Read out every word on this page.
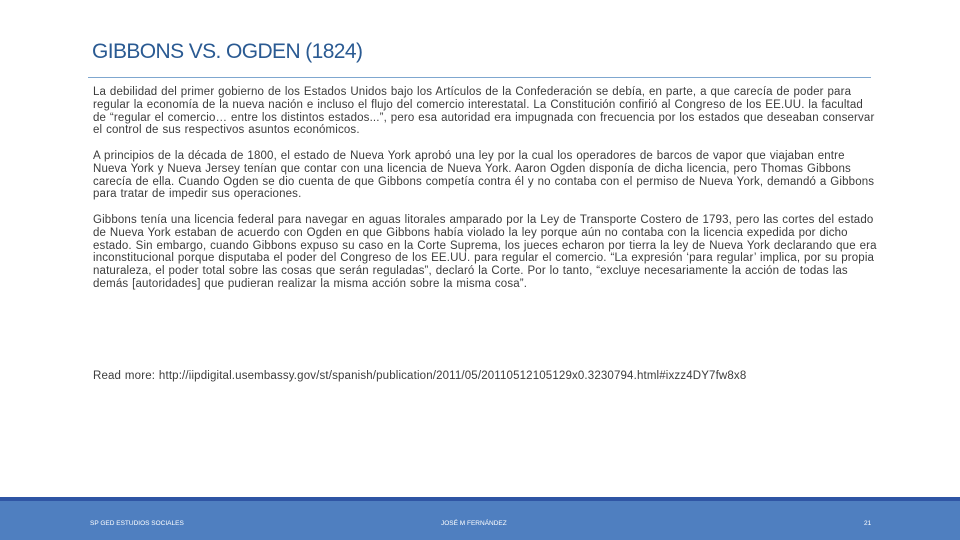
GIBBONS VS. OGDEN (1824)

La debilidad del primer gobierno de los Estados Unidos bajo los Artículos de la Confederación se debía, en parte, a que carecía de poder para regular la economía de la nueva nación e incluso el flujo del comercio interestatal. La Constitución confirió al Congreso de los EE.UU. la facultad de “regular el comercio… entre los distintos estados...”, pero esa autoridad era impugnada con frecuencia por los estados que deseaban conservar el control de sus respectivos asuntos económicos.

A principios de la década de 1800, el estado de Nueva York aprobó una ley por la cual los operadores de barcos de vapor que viajaban entre Nueva York y Nueva Jersey tenían que contar con una licencia de Nueva York. Aaron Ogden disponía de dicha licencia, pero Thomas Gibbons carecía de ella. Cuando Ogden se dio cuenta de que Gibbons competía contra él y no contaba con el permiso de Nueva York, demandó a Gibbons para tratar de impedir sus operaciones.

Gibbons tenía una licencia federal para navegar en aguas litorales amparado por la Ley de Transporte Costero de 1793, pero las cortes del estado de Nueva York estaban de acuerdo con Ogden en que Gibbons había violado la ley porque aún no contaba con la licencia expedida por dicho estado. Sin embargo, cuando Gibbons expuso su caso en la Corte Suprema, los jueces echaron por tierra la ley de Nueva York declarando que era inconstitucional porque disputaba el poder del Congreso de los EE.UU. para regular el comercio. “La expresión ‘para regular’ implica, por su propia naturaleza, el poder total sobre las cosas que serán reguladas”, declaró la Corte. Por lo tanto, “excluye necesariamente la acción de todas las demás [autoridades] que pudieran realizar la misma acción sobre la misma cosa”.

Read more: http://iipdigital.usembassy.gov/st/spanish/publication/2011/05/20110512105129x0.3230794.html#ixzz4DY7fw8x8

SP GED ESTUDIOS SOCIALES	JOSÉ M FERNÁNDEZ	21
